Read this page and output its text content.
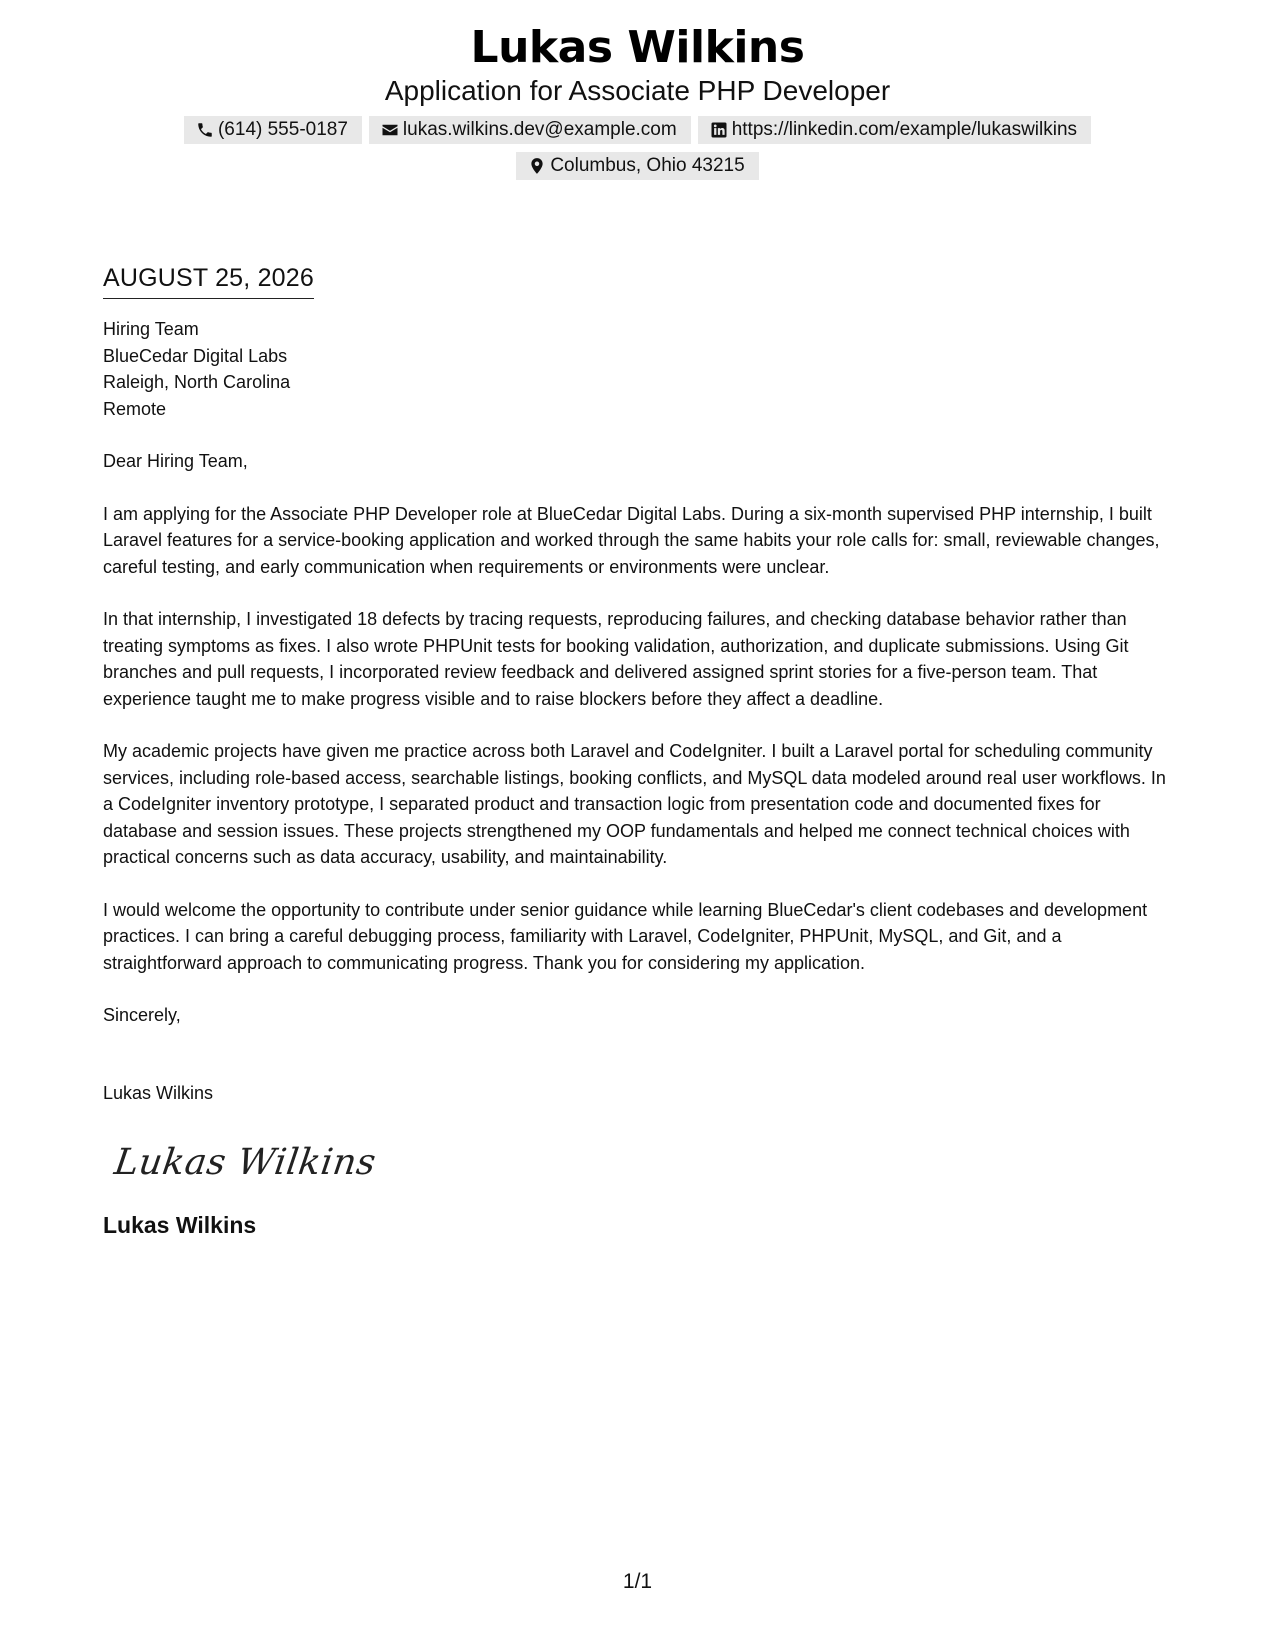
Lukas Wilkins
Application for Associate PHP Developer
(614) 555-0187	lukas.wilkins.dev@example.com	https://linkedin.com/example/lukaswilkins
Columbus, Ohio 43215
AUGUST 25, 2026
Hiring Team
BlueCedar Digital Labs
Raleigh, North Carolina
Remote
Dear Hiring Team,
I am applying for the Associate PHP Developer role at BlueCedar Digital Labs. During a six-month supervised PHP internship, I built Laravel features for a service-booking application and worked through the same habits your role calls for: small, reviewable changes, careful testing, and early communication when requirements or environments were unclear.
In that internship, I investigated 18 defects by tracing requests, reproducing failures, and checking database behavior rather than treating symptoms as fixes. I also wrote PHPUnit tests for booking validation, authorization, and duplicate submissions. Using Git branches and pull requests, I incorporated review feedback and delivered assigned sprint stories for a five-person team. That experience taught me to make progress visible and to raise blockers before they affect a deadline.
My academic projects have given me practice across both Laravel and CodeIgniter. I built a Laravel portal for scheduling community services, including role-based access, searchable listings, booking conflicts, and MySQL data modeled around real user workflows. In a CodeIgniter inventory prototype, I separated product and transaction logic from presentation code and documented fixes for database and session issues. These projects strengthened my OOP fundamentals and helped me connect technical choices with practical concerns such as data accuracy, usability, and maintainability.
I would welcome the opportunity to contribute under senior guidance while learning BlueCedar's client codebases and development practices. I can bring a careful debugging process, familiarity with Laravel, CodeIgniter, PHPUnit, MySQL, and Git, and a straightforward approach to communicating progress. Thank you for considering my application.
Sincerely,
Lukas Wilkins
Lukas Wilkins
Lukas Wilkins
1/1
